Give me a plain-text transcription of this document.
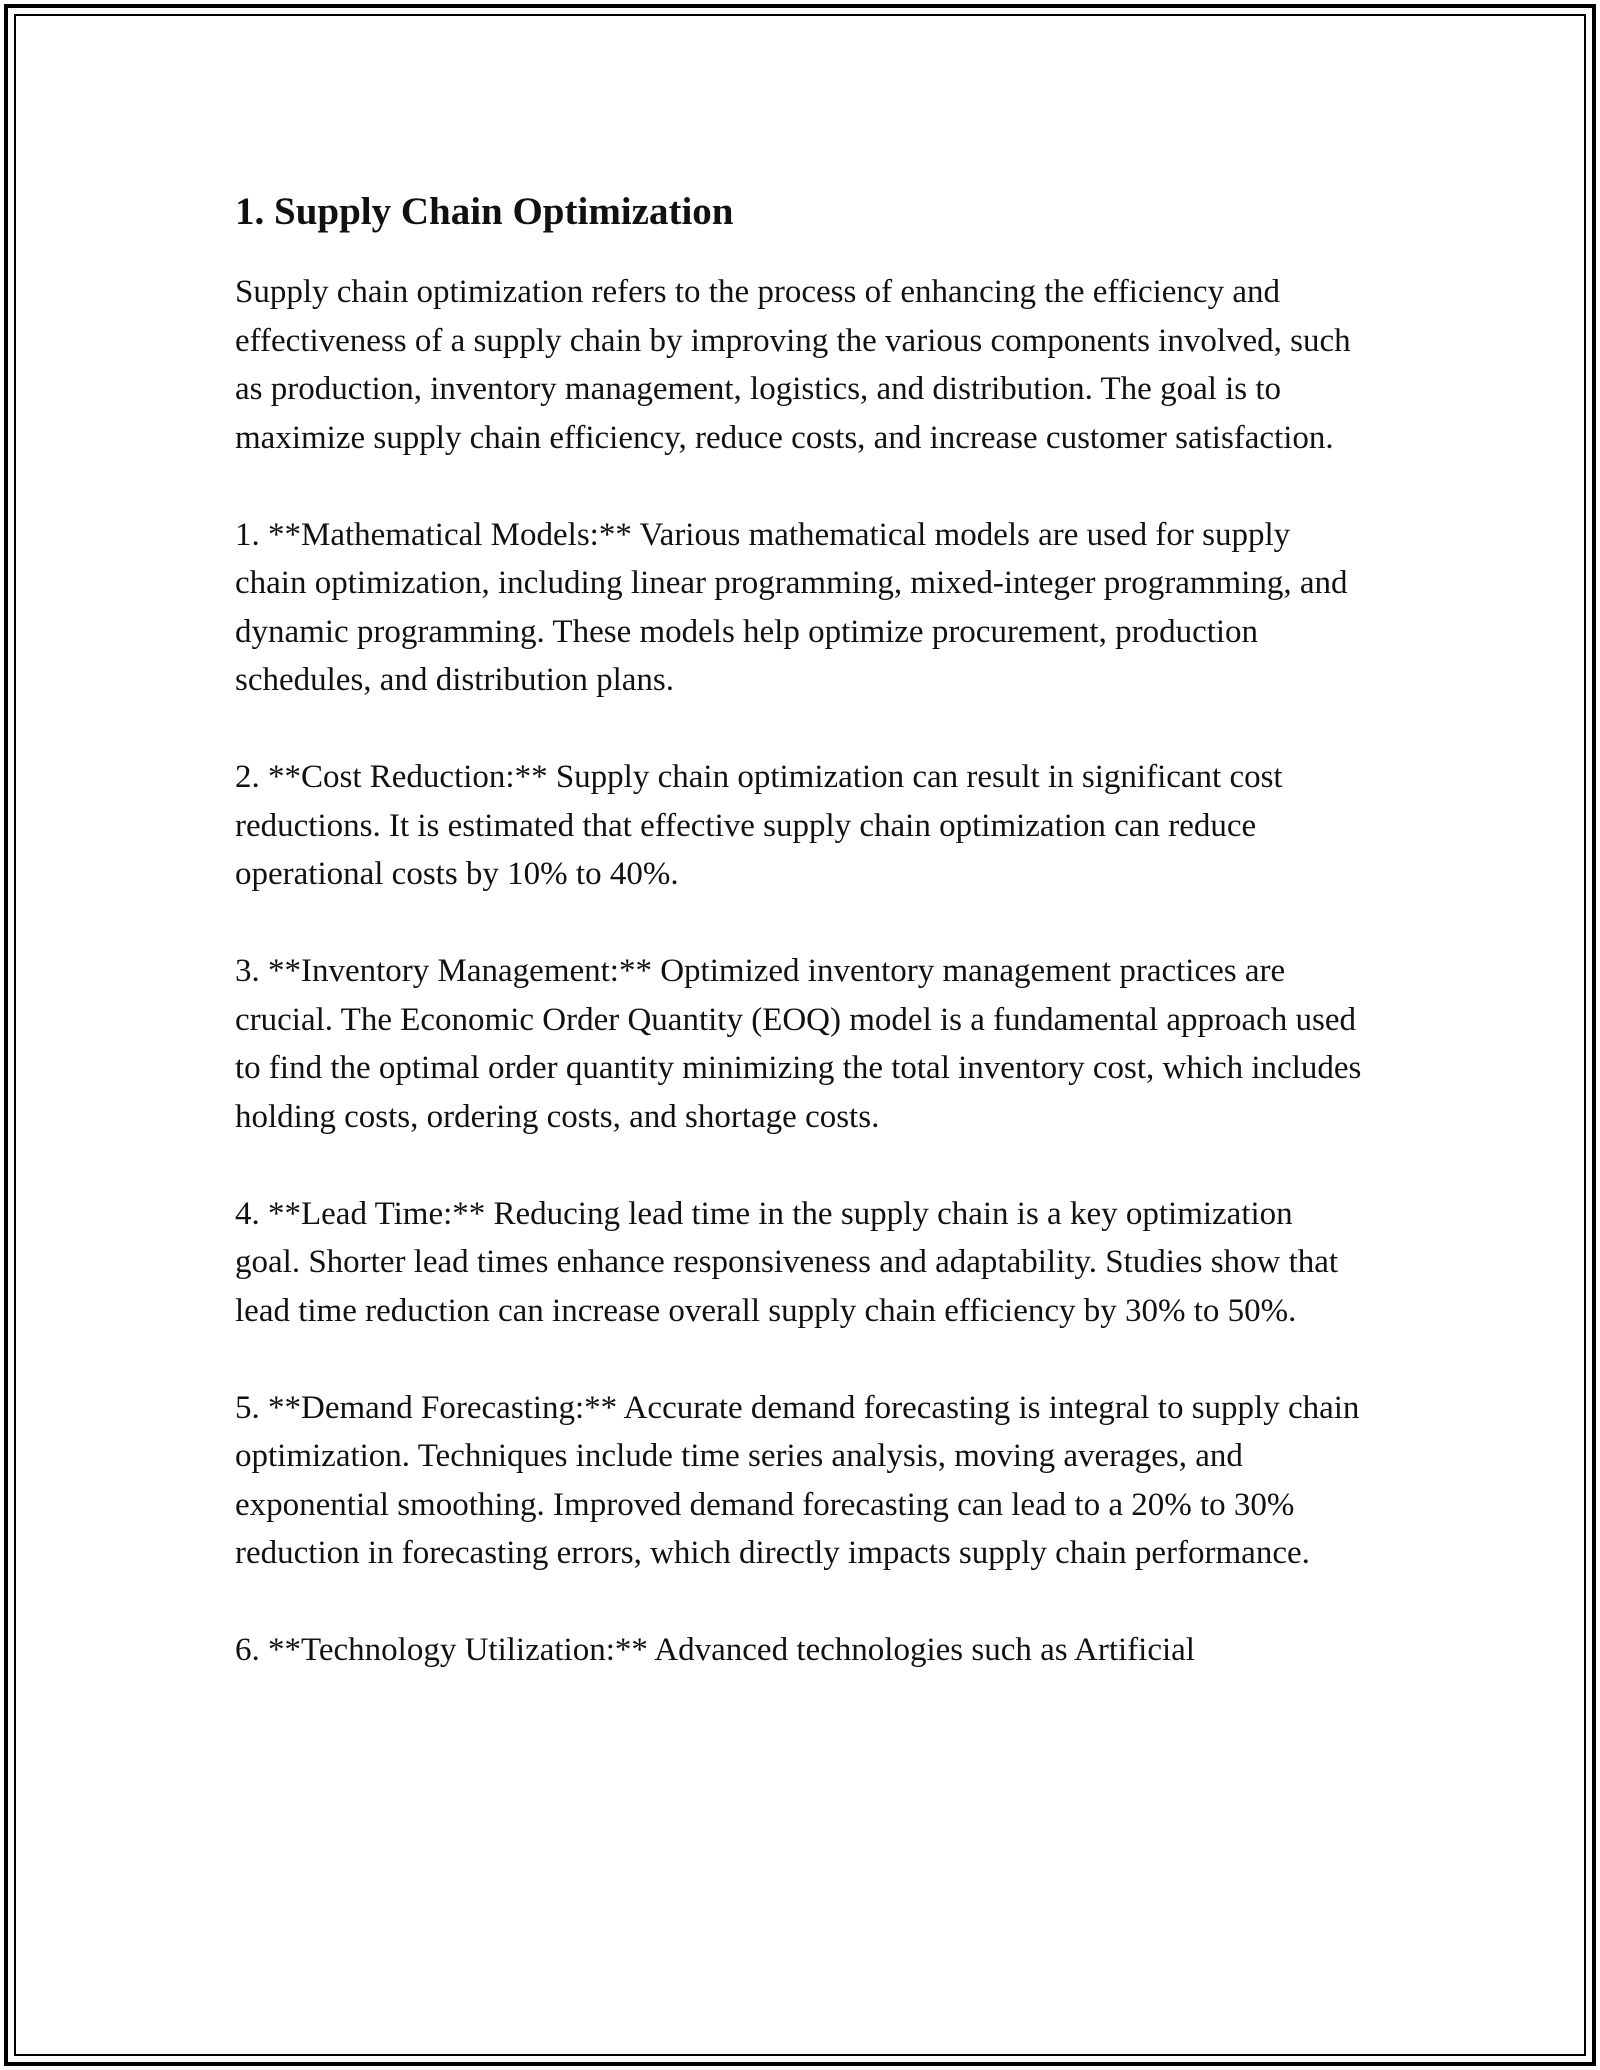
1. Supply Chain Optimization

Supply chain optimization refers to the process of enhancing the efficiency and effectiveness of a supply chain by improving the various components involved, such as production, inventory management, logistics, and distribution. The goal is to maximize supply chain efficiency, reduce costs, and increase customer satisfaction.

1. **Mathematical Models:** Various mathematical models are used for supply chain optimization, including linear programming, mixed-integer programming, and dynamic programming. These models help optimize procurement, production schedules, and distribution plans.

2. **Cost Reduction:** Supply chain optimization can result in significant cost reductions. It is estimated that effective supply chain optimization can reduce operational costs by 10% to 40%.

3. **Inventory Management:** Optimized inventory management practices are crucial. The Economic Order Quantity (EOQ) model is a fundamental approach used to find the optimal order quantity minimizing the total inventory cost, which includes holding costs, ordering costs, and shortage costs.

4. **Lead Time:** Reducing lead time in the supply chain is a key optimization goal. Shorter lead times enhance responsiveness and adaptability. Studies show that lead time reduction can increase overall supply chain efficiency by 30% to 50%.

5. **Demand Forecasting:** Accurate demand forecasting is integral to supply chain optimization. Techniques include time series analysis, moving averages, and exponential smoothing. Improved demand forecasting can lead to a 20% to 30% reduction in forecasting errors, which directly impacts supply chain performance.

6. **Technology Utilization:** Advanced technologies such as Artificial
